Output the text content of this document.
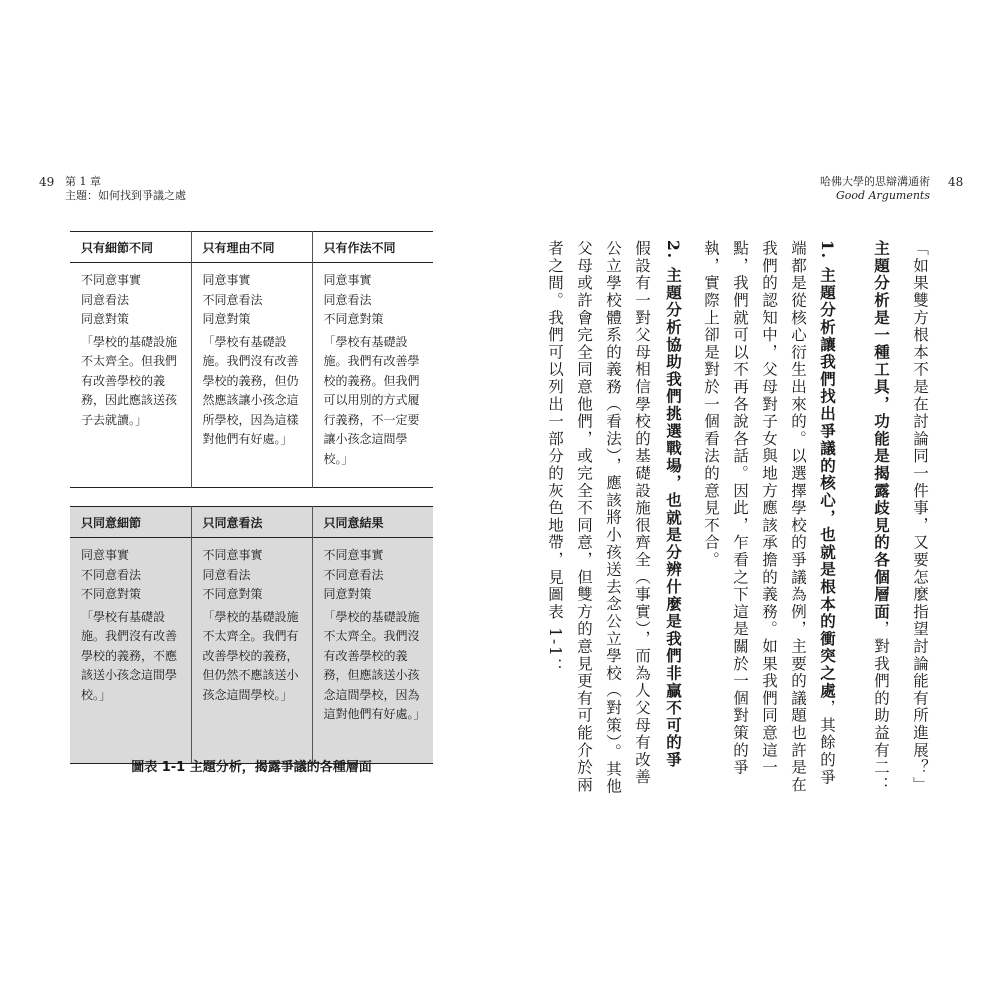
49 第 1 章
主題：如何找到爭議之處
哈佛大學的思辯溝通術
Good Arguments
48
只有細節不同	只有理由不同	只有作法不同

不同意事實
同意看法
同意對策
「學校的基礎設施不太齊全。但我們有改善學校的義務，因此應該送孩子去就讀。」	同意事實
不同意看法
同意對策
「學校有基礎設施。我們沒有改善學校的義務，但仍然應該讓小孩念這所學校，因為這樣對他們有好處。」	同意事實
同意看法
不同意對策
「學校有基礎設施。我們有改善學校的義務。但我們可以用別的方式履行義務，不一定要讓小孩念這間學校。」
只同意細節	只同意看法	只同意結果

同意事實
不同意看法
不同意對策
「學校有基礎設施。我們沒有改善學校的義務，不應該送小孩念這間學校。」	不同意事實
同意看法
不同意對策
「學校的基礎設施不太齊全。我們有改善學校的義務，但仍然不應該送小孩念這間學校。」	不同意事實
不同意看法
同意對策
「學校的基礎設施不太齊全。我們沒有改善學校的義務，但應該送小孩念這間學校，因為這對他們有好處。」
圖表 1-1 主題分析，揭露爭議的各種層面	「如果雙方根本不是在討論同一件事，又要怎麼指望討論能有所進展？」
主題分析是一種工具，功能是揭露歧見的各個層面，對我們的助益有二：
1. 主題分析讓我們找出爭議的核心，也就是根本的衝突之處，其餘的爭端都是從核心衍生出來的。以選擇學校的爭議為例，主要的議題也許是在我們的認知中，父母對子女與地方應該承擔的義務。如果我們同意這一點，我們就可以不再各說各話。因此，乍看之下這是關於一個對策的爭執，實際上卻是對於一個看法的意見不合。
2. 主題分析協助我們挑選戰場，也就是分辨什麼是我們非贏不可的爭
假設有一對父母相信學校的基礎設施很齊全（事實），而為人父母有改善公立學校體系的義務（看法），應該將小孩送去念公立學校（對策）。其他父母或許會完全同意他們，或完全不同意，但雙方的意見更有可能介於兩者之間。我們可以列出一部分的灰色地帶，見圖表 1-1：
